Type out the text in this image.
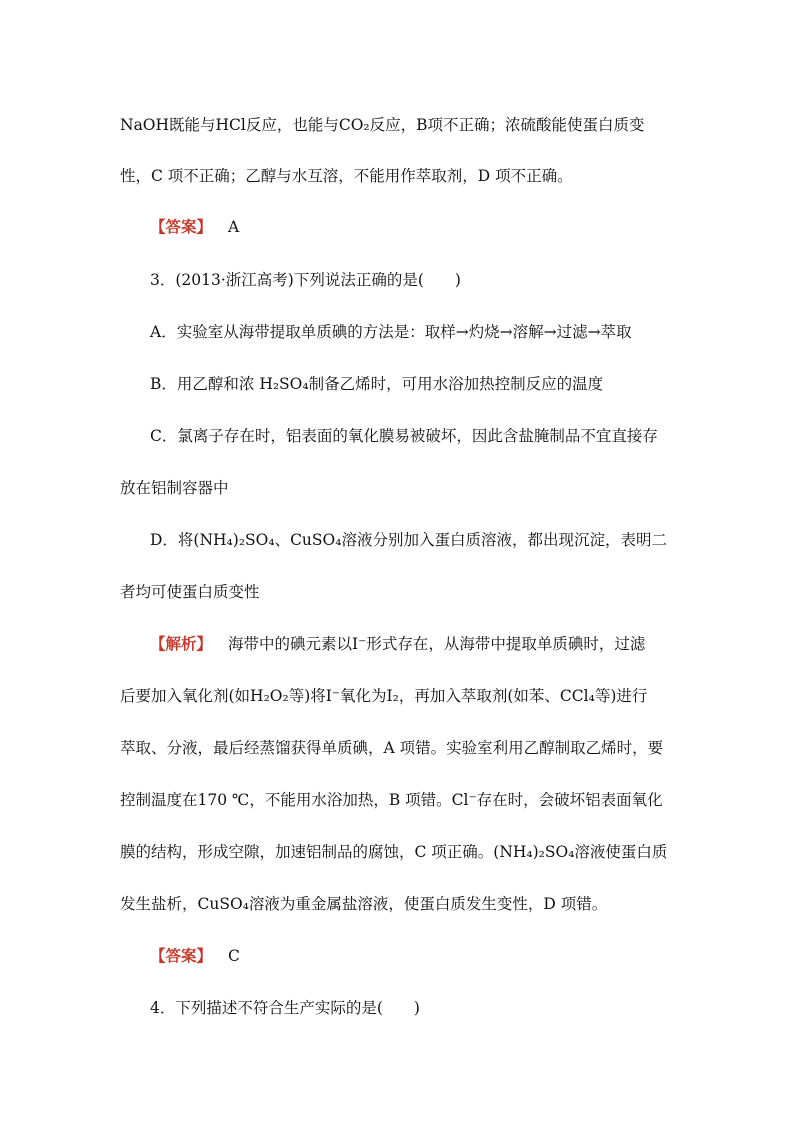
NaOH既能与HCl反应，也能与CO₂反应，B项不正确；浓硫酸能使蛋白质变
性，C 项不正确；乙醇与水互溶，不能用作萃取剂，D 项不正确。
【答案】 A
3．(2013·浙江高考)下列说法正确的是(　　)
A．实验室从海带提取单质碘的方法是：取样→灼烧→溶解→过滤→萃取
B．用乙醇和浓 H₂SO₄制备乙烯时，可用水浴加热控制反应的温度
C．氯离子存在时，铝表面的氧化膜易被破坏，因此含盐腌制品不宜直接存
放在铝制容器中
D．将(NH₄)₂SO₄、CuSO₄溶液分别加入蛋白质溶液，都出现沉淀，表明二
者均可使蛋白质变性
【解析】 海带中的碘元素以I⁻形式存在，从海带中提取单质碘时，过滤
后要加入氧化剂(如H₂O₂等)将I⁻氧化为I₂，再加入萃取剂(如苯、CCl₄等)进行
萃取、分液，最后经蒸馏获得单质碘，A 项错。实验室利用乙醇制取乙烯时，要
控制温度在170 ℃，不能用水浴加热，B 项错。Cl⁻存在时，会破坏铝表面氧化
膜的结构，形成空隙，加速铝制品的腐蚀，C 项正确。(NH₄)₂SO₄溶液使蛋白质
发生盐析，CuSO₄溶液为重金属盐溶液，使蛋白质发生变性，D 项错。
【答案】 C
4．下列描述不符合生产实际的是(　　)
